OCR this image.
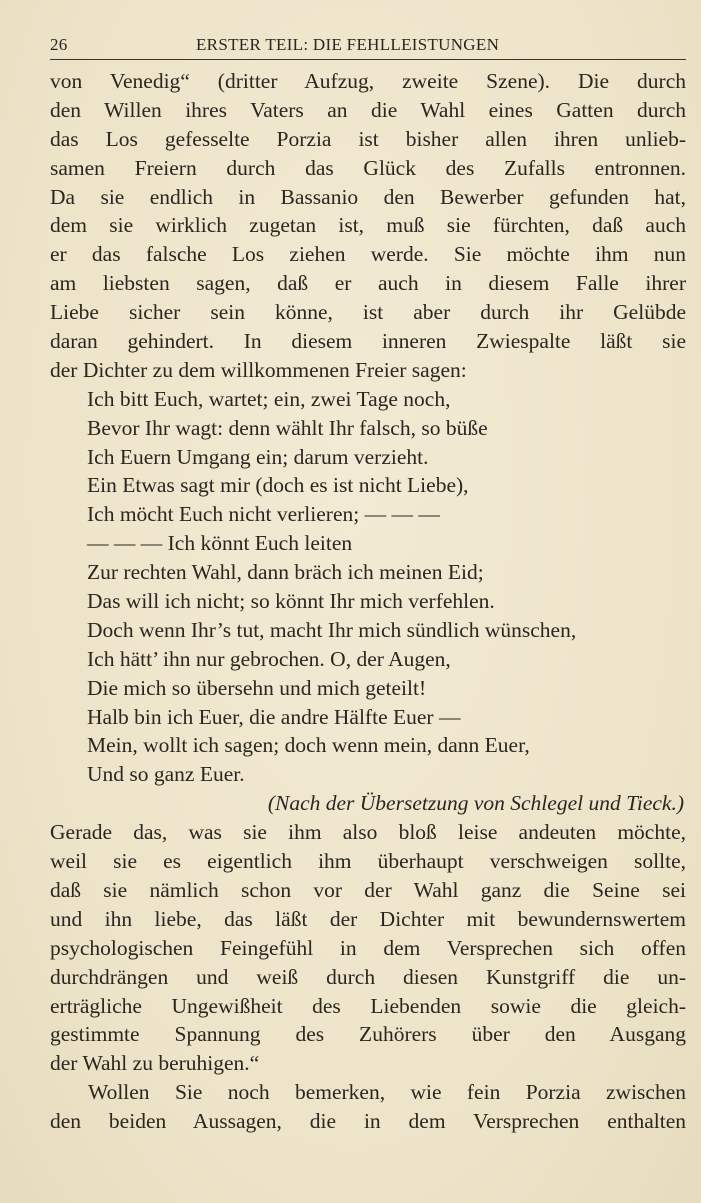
26	ERSTER TEIL: DIE FEHLLEISTUNGEN
von Venedig“ (dritter Aufzug, zweite Szene). Die durch
den Willen ihres Vaters an die Wahl eines Gatten durch
das Los gefesselte Porzia ist bisher allen ihren unlieb-
samen Freiern durch das Glück des Zufalls entronnen.
Da sie endlich in Bassanio den Bewerber gefunden hat,
dem sie wirklich zugetan ist, muß sie fürchten, daß auch
er das falsche Los ziehen werde. Sie möchte ihm nun
am liebsten sagen, daß er auch in diesem Falle ihrer
Liebe sicher sein könne, ist aber durch ihr Gelübde
daran gehindert. In diesem inneren Zwiespalte läßt sie
der Dichter zu dem willkommenen Freier sagen:
Ich bitt Euch, wartet; ein, zwei Tage noch,
Bevor Ihr wagt: denn wählt Ihr falsch, so büße
Ich Euern Umgang ein; darum verzieht.
Ein Etwas sagt mir (doch es ist nicht Liebe),
Ich möcht Euch nicht verlieren; — — —
— — — Ich könnt Euch leiten
Zur rechten Wahl, dann bräch ich meinen Eid;
Das will ich nicht; so könnt Ihr mich verfehlen.
Doch wenn Ihr’s tut, macht Ihr mich sündlich wünschen,
Ich hätt’ ihn nur gebrochen. O, der Augen,
Die mich so übersehn und mich geteilt!
Halb bin ich Euer, die andre Hälfte Euer —
Mein, wollt ich sagen; doch wenn mein, dann Euer,
Und so ganz Euer.
(Nach der Übersetzung von Schlegel und Tieck.)
Gerade das, was sie ihm also bloß leise andeuten möchte,
weil sie es eigentlich ihm überhaupt verschweigen sollte,
daß sie nämlich schon vor der Wahl ganz die Seine sei
und ihn liebe, das läßt der Dichter mit bewundernswertem
psychologischen Feingefühl in dem Versprechen sich offen
durchdrängen und weiß durch diesen Kunstgriff die un-
erträgliche Ungewißheit des Liebenden sowie die gleich-
gestimmte Spannung des Zuhörers über den Ausgang
der Wahl zu beruhigen.“
Wollen Sie noch bemerken, wie fein Porzia zwischen
den beiden Aussagen, die in dem Versprechen enthalten
